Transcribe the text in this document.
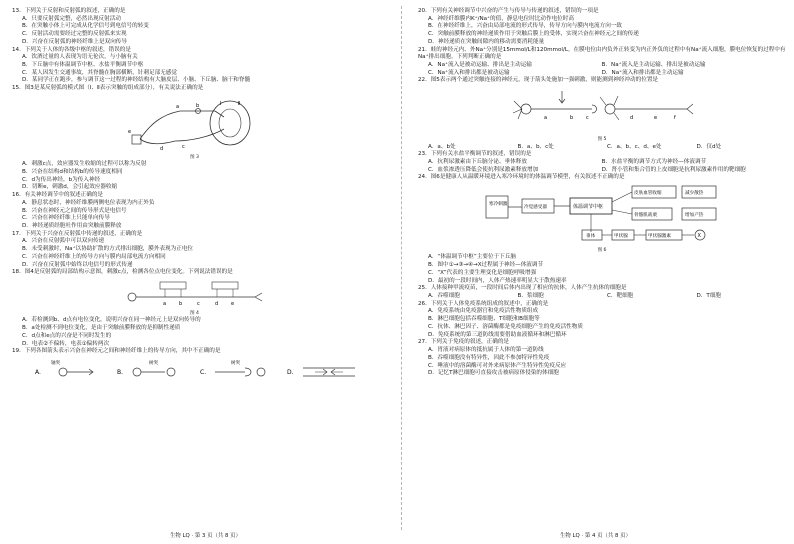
13．下列关于反射和反射弧的叙述，正确的是

A．只要反射弧完整，必然出现反射活动

B．在突触小体上可完成从化学信号到电信号的转变

C．反射活动需要经过完整的反射弧来实现

D．兴奋在反射弧的神经纤维上是双向传导

14．下列关于人体的各级中枢的叙述，错误的是

A．饮酒过量的人表现为语无伦次，与小脑有关

B．下丘脑中有体温调节中枢、水盐平衡调节中枢

C．某人因发生交通事故，其脊髓在胸部横断，针刺足部无感觉

D．某同学正在跑步，参与调节这一过程的神经结构有大脑皮层、小脑、下丘脑、脑干和脊髓

15．图3是某反射弧的模式图（Ⅰ、Ⅱ表示突触的组成部分），有关说法正确的是

a	b
c
d
e
Ⅰ	Ⅱ
图 3

A．刺激c点，效应器发生收缩的过程可以称为反射

B．兴奋在结构d和结构b的传导速度相同

C．d为传出神经，b为传入神经

D．切断e，刺激d，会引起效应器收缩

16．有关神经调节中的叙述正确的是

A．静息状态时，神经纤维膜两侧电位表现为内正外负

B．兴奋在神经元之间的传导形式是电信号

C．兴奋在神经纤维上只能单向传导

D．神经递质经胞吐作用由突触前膜释放

17．下列关于兴奋在反射弧中传递的叙述，正确的是

A．兴奋在反射弧中可以双向传递

B．未受刺激时，Na⁺以协助扩散的方式排出细胞，膜外表现为正电位

C．兴奋在神经纤维上的传导方向与膜内局部电流方向相同

D．兴奋在反射弧中始终以电信号的形式传递

18．图4是反射弧的局部结构示意图，刺激c点，检测各位点电位变化。下列说法错误的是

a	b	c	d	e
图 4

A．若检测到b、d点有电位变化，说明兴奋在同一神经元上是双向传导的

B．a处检测不到电位变化，是由于突触前膜释放的是抑制性递质

C．d点和e点的兴奋是不同时发生的

D．电表②不偏转，电表①偏转两次

19．下列各图箭头表示兴奋在神经元之间和神经纤维上的传导方向，其中不正确的是

A.
轴突
B.
树突
C.
树突
D.

20．下列有关神经调节中兴奋的产生与传导与传递的叙述，错误的一项是

A．神经纤维膜内K⁺/Na⁺的值，静息电位时比动作电位时高

B．在神经纤维上，兴奋由局部电流的形式传导，传导方向与膜内电流方向一致

C．突触前膜释放的神经递质作用于突触后膜上的受体，实现兴奋在神经元之间的传递

D．神经递质在突触间隙内的移动需要消耗能量

21．蛙的神经元内、外Na⁺分别是15mmol/L和120mmol/L。在膜电位由内负外正转变为内正外负的过程中有Na⁺流入细胞，膜电位恢复的过程中有Na⁺排出细胞。下列判断正确的是

A．Na⁺流入是被动运输、排出是主动运输	B．Na⁺流入是主动运输、排出是被动运输 C．Na⁺流入和排出都是被动运输	D．Na⁺流入和排出都是主动运输

22．图5表示两个通过突触连接的神经元，现于箭头处施加一强刺激，则能测到神经冲动的位置是

a	b	c	d	e	f
图 5
A．a、b处	B．a、b、c处	C．a、b、c、d、e处	D．仅d处

23．下列有关水盐平衡调节的叙述，错误的是

A．抗利尿激素由下丘脑分泌、垂体释放	B．水盐平衡的调节方式为神经—体液调节 C．血浆渗透压降低会使抗利尿激素释放增加	D．肾小管和集合管的上皮细胞是抗利尿激素作用的靶细胞

24．图6是健康人从温暖环境进入寒冷环境时的体温调节模型，有关叙述不正确的是

寒冷刺激
冷觉感受器	体温调节中枢
皮肤血管收缩	减少散热
骨骼肌战栗	增加产热
垂体	甲状腺	甲状腺激素	X
图 6

A．“体温调节中枢”主要位于下丘脑

B．图中①→③→④→X过程属于神经—体液调节

C．“X”代表的主要生理变化是细胞呼吸增强

D．最初的一段时间内，人体产热速率明显大于散热速率

25．人体接种甲流疫苗，一段时间后体内出现了相应的抗体，人体产生抗体的细胞是

A．吞噬细胞	B．浆细胞	C．靶细胞	D．T细胞

26．下列关于人体免疫系统组成的叙述中，正确的是

A．免疫系统由免疫器官和免疫活性物质组成

B．淋巴细胞包括吞噬细胞、T细胞和B细胞等

C．抗体、淋巴因子、溶菌酶都是免疫细胞产生的免疫活性物质

D．免疫系统的第三道防线需要借助血液循环和淋巴循环

27．下列关于免疫的叙述，正确的是

A．胃液对病原体的抵抗属于人体的第一道防线

B．吞噬细胞没有特异性，因此不参加特异性免疫

C．唾液中的溶菌酶可对外来病原体产生特异性免疫反应

D．记忆T淋巴细胞可直接攻击被病原体侵染的体细胞

生物 LQ · 第 3 页（共 8 页）	生物 LQ · 第 4 页（共 8 页）
